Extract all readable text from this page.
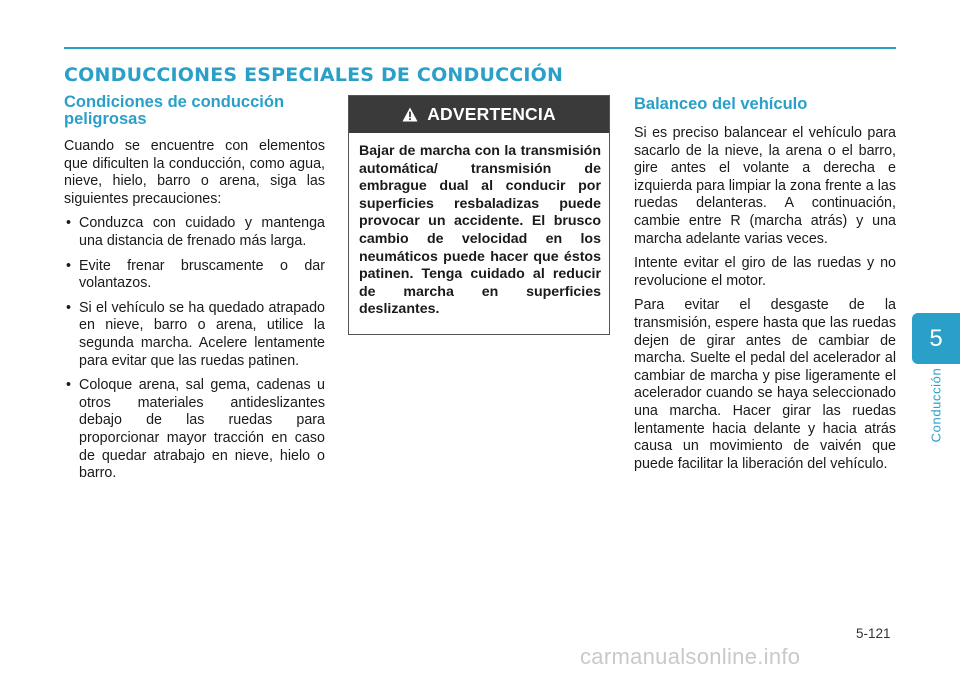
CONDUCCIONES ESPECIALES DE CONDUCCIÓN
Condiciones de conducción peligrosas

Cuando se encuentre con elementos que dificulten la conducción, como agua, nieve, hielo, barro o arena, siga las siguientes precauciones:

• Conduzca con cuidado y mantenga una distancia de frenado más larga.
• Evite frenar bruscamente o dar volantazos.
• Si el vehículo se ha quedado atrapado en nieve, barro o arena, utilice la segunda marcha. Acelere lentamente para evitar que las ruedas patinen.
• Coloque arena, sal gema, cadenas u otros materiales antideslizantes debajo de las ruedas para proporcionar mayor tracción en caso de quedar atrabajo en nieve, hielo o barro.
ADVERTENCIA
Bajar de marcha con la transmisión automática/ transmisión de embrague dual al conducir por superficies resbaladizas puede provocar un accidente. El brusco cambio de velocidad en los neumáticos puede hacer que éstos patinen. Tenga cuidado al reducir de marcha en superficies deslizantes.
Balanceo del vehículo

Si es preciso balancear el vehículo para sacarlo de la nieve, la arena o el barro, gire antes el volante a derecha e izquierda para limpiar la zona frente a las ruedas delanteras. A continuación, cambie entre R (marcha atrás) y una marcha adelante varias veces.

Intente evitar el giro de las ruedas y no revolucione el motor.

Para evitar el desgaste de la transmisión, espere hasta que las ruedas dejen de girar antes de cambiar de marcha. Suelte el pedal del acelerador al cambiar de marcha y pise ligeramente el acelerador cuando se haya seleccionado una marcha. Hacer girar las ruedas lentamente hacia delante y hacia atrás causa un movimiento de vaivén que puede facilitar la liberación del vehículo.

5
Conducción
5-121
carmanualsonline.info
